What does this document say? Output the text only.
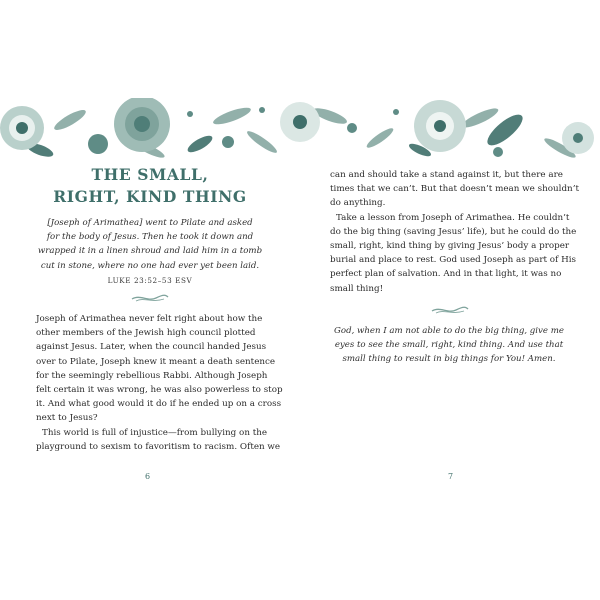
THE SMALL,
RIGHT, KIND THING
[Joseph of Arimathea] went to Pilate and asked
for the body of Jesus. Then he took it down and
wrapped it in a linen shroud and laid him in a tomb
cut in stone, where no one had ever yet been laid.
LUKE 23:52–53 ESV
Joseph of Arimathea never felt right about how the
other members of the Jewish high council plotted
against Jesus. Later, when the council handed Jesus
over to Pilate, Joseph knew it meant a death sentence
for the seemingly rebellious Rabbi. Although Joseph
felt certain it was wrong, he was also powerless to stop
it. And what good would it do if he ended up on a cross
next to Jesus?
This world is full of injustice—from bullying on the
playground to sexism to favoritism to racism. Often we
6
can and should take a stand against it, but there are
times that we can’t. But that doesn’t mean we shouldn’t
do anything.
Take a lesson from Joseph of Arimathea. He couldn’t
do the big thing (saving Jesus’ life), but he could do the
small, right, kind thing by giving Jesus’ body a proper
burial and place to rest. God used Joseph as part of His
perfect plan of salvation. And in that light, it was no
small thing!
God, when I am not able to do the big thing, give me
eyes to see the small, right, kind thing. And use that
small thing to result in big things for You! Amen.
7
